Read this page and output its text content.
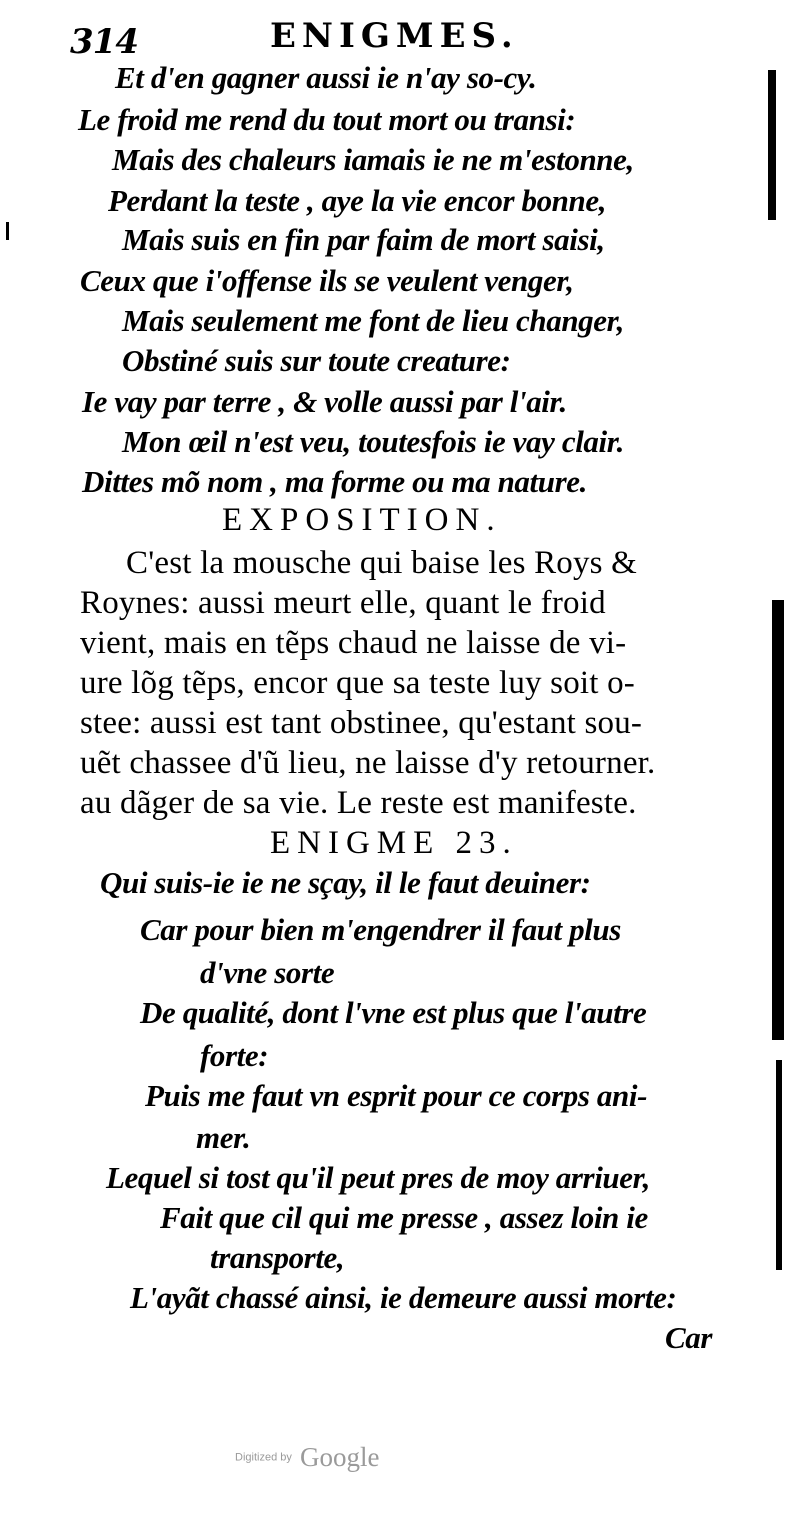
314	ENIGMES.
Et d'en gagner aussi ie n'ay so-cy.
Le froid me rend du tout mort ou transi:
Mais des chaleurs iamais ie ne m'estonne,
Perdant la teste , aye la vie encor bonne,
Mais suis en fin par faim de mort saisi,
Ceux que i'offense ils se veulent venger,
Mais seulement me font de lieu changer,
Obstiné suis sur toute creature:
Ie vay par terre , & volle aussi par l'air.
Mon œil n'est veu, toutesfois ie vay clair.
Dittes mõ nom , ma forme ou ma nature.
EXPOSITION.
C'est la mousche qui baise les Roys &
Roynes: aussi meurt elle, quant le froid
vient, mais en tẽps chaud ne laisse de vi-
ure lõg tẽps, encor que sa teste luy soit o-
stee: aussi est tant obstinee, qu'estant sou-
uẽt chassee d'ũ lieu, ne laisse d'y retourner.
au dãger de sa vie. Le reste est manifeste.
ENIGME 23.
Qui suis-ie ie ne sçay, il le faut deuiner:
Car pour bien m'engendrer il faut plus
d'vne sorte
De qualité, dont l'vne est plus que l'autre
forte:
Puis me faut vn esprit pour ce corps ani-
mer.
Lequel si tost qu'il peut pres de moy arriuer,
Fait que cil qui me presse , assez loin ie
transporte,
L'ayãt chassé ainsi, ie demeure aussi morte:
Car
Digitized by Google
